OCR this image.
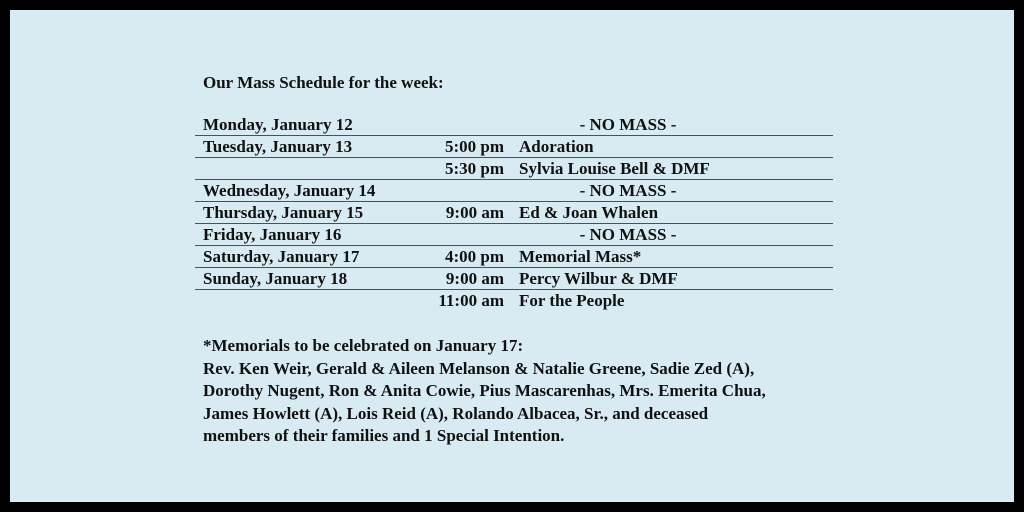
Our Mass Schedule for the week:
Monday, January 12	- NO MASS -
Tuesday, January 13	5:00 pm Adoration
5:30 pm Sylvia Louise Bell & DMF
Wednesday, January 14	- NO MASS -
Thursday, January 15	9:00 am Ed & Joan Whalen
Friday, January 16	- NO MASS -
Saturday, January 17	4:00 pm Memorial Mass*
Sunday, January 18	9:00 am Percy Wilbur & DMF
11:00 am For the People
*Memorials to be celebrated on January 17:
Rev. Ken Weir, Gerald & Aileen Melanson & Natalie Greene, Sadie Zed (A),
Dorothy Nugent, Ron & Anita Cowie, Pius Mascarenhas, Mrs. Emerita Chua,
James Howlett (A), Lois Reid (A), Rolando Albacea, Sr., and deceased
members of their families and 1 Special Intention.
